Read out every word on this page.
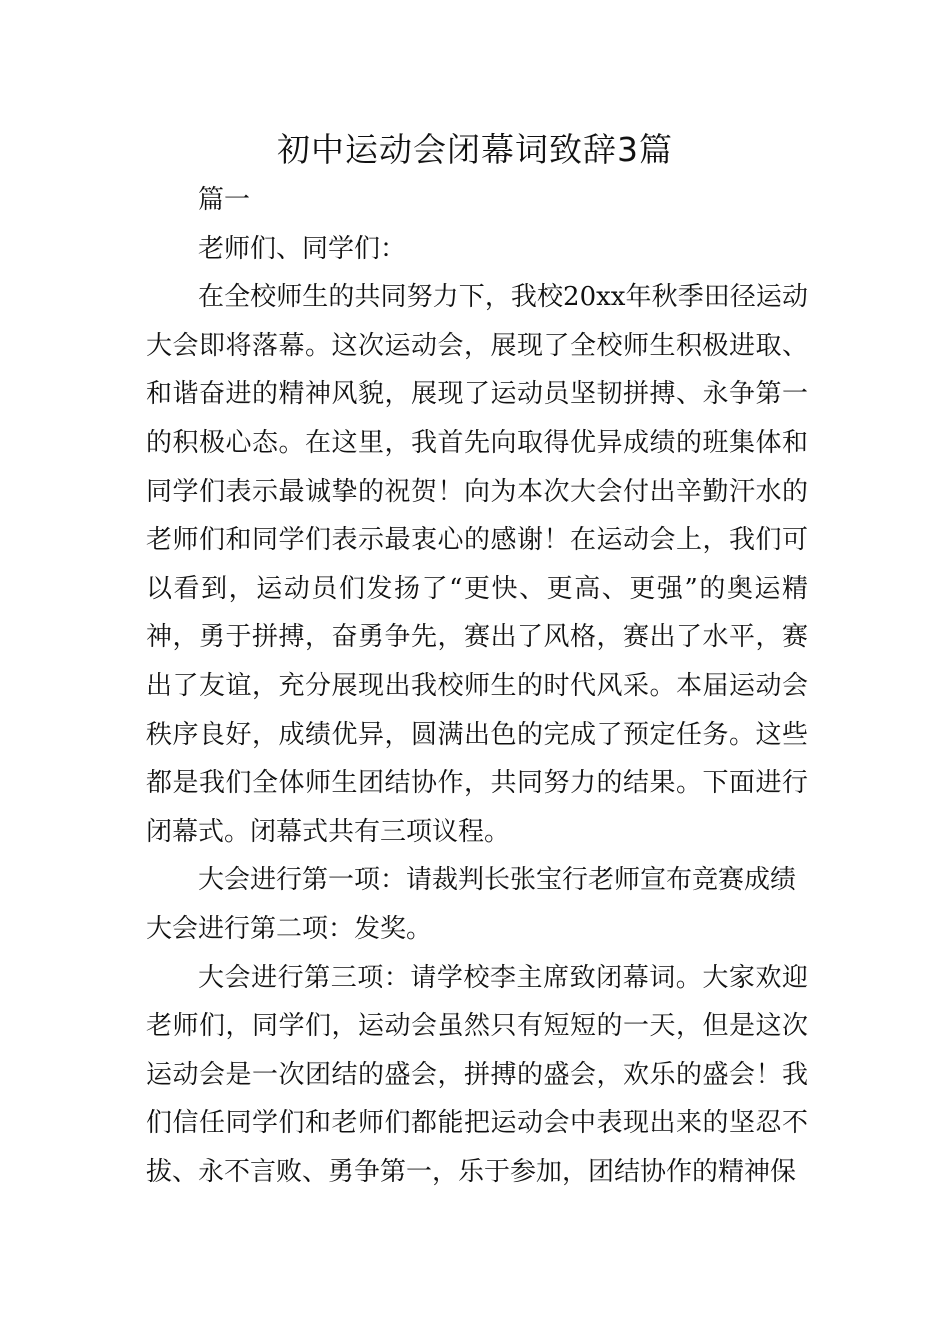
初中运动会闭幕词致辞3篇

篇一

老师们、同学们：

在全校师生的共同努力下，我校20xx年秋季田径运动大会即将落幕。这次运动会，展现了全校师生积极进取、和谐奋进的精神风貌，展现了运动员坚韧拼搏、永争第一的积极心态。在这里，我首先向取得优异成绩的班集体和同学们表示最诚挚的祝贺！向为本次大会付出辛勤汗水的老师们和同学们表示最衷心的感谢！在运动会上，我们可以看到，运动员们发扬了“更快、更高、更强”的奥运精神，勇于拼搏，奋勇争先，赛出了风格，赛出了水平，赛出了友谊，充分展现出我校师生的时代风采。本届运动会秩序良好，成绩优异，圆满出色的完成了预定任务。这些都是我们全体师生团结协作，共同努力的结果。下面进行闭幕式。闭幕式共有三项议程。

大会进行第一项：请裁判长张宝行老师宣布竞赛成绩

大会进行第二项：发奖。

大会进行第三项：请学校李主席致闭幕词。大家欢迎老师们，同学们，运动会虽然只有短短的一天，但是这次运动会是一次团结的盛会，拼搏的盛会，欢乐的盛会！我们信任同学们和老师们都能把运动会中表现出来的坚忍不拔、永不言败、勇争第一，乐于参加，团结协作的精神保
